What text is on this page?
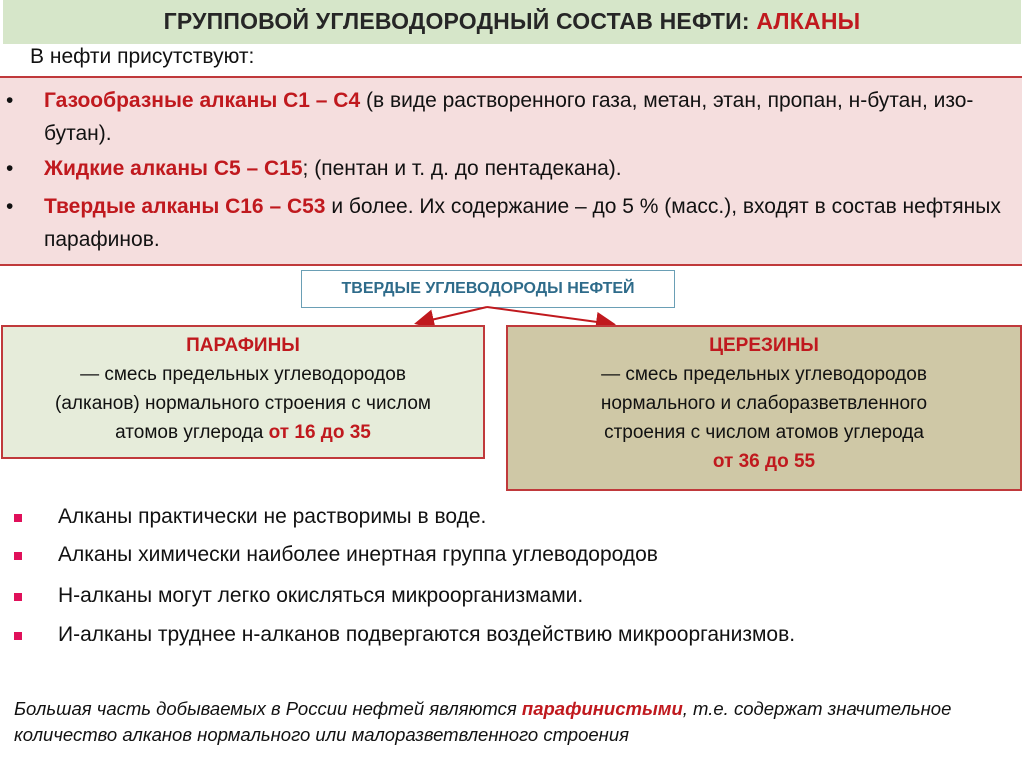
ГРУППОВОЙ УГЛЕВОДОРОДНЫЙ СОСТАВ НЕФТИ: АЛКАНЫ
В нефти присутствуют:
• Газообразные алканы С1 – С4 (в виде растворенного газа, метан, этан, пропан, н-бутан, изо-бутан).
• Жидкие алканы С5 – С15; (пентан и т. д. до пентадекана).
• Твердые алканы С16 – С53 и более. Их содержание – до 5 % (масс.), входят в состав нефтяных парафинов.
ТВЕРДЫЕ УГЛЕВОДОРОДЫ НЕФТЕЙ
ПАРАФИНЫ
— смесь предельных углеводородов
(алканов) нормального строения с числом
атомов углерода от 16 до 35
ЦЕРЕЗИНЫ
— смесь предельных углеводородов
нормального и слаборазветвленного
строения с числом атомов углерода
от 36 до 55
Алканы практически не растворимы в воде.
Алканы химически наиболее инертная группа углеводородов
Н-алканы могут легко окисляться микроорганизмами.
И-алканы труднее н-алканов подвергаются воздействию микроорганизмов.
Большая часть добываемых в России нефтей являются парафинистыми, т.е. содержат значительное количество алканов нормального или малоразветвленного строения
